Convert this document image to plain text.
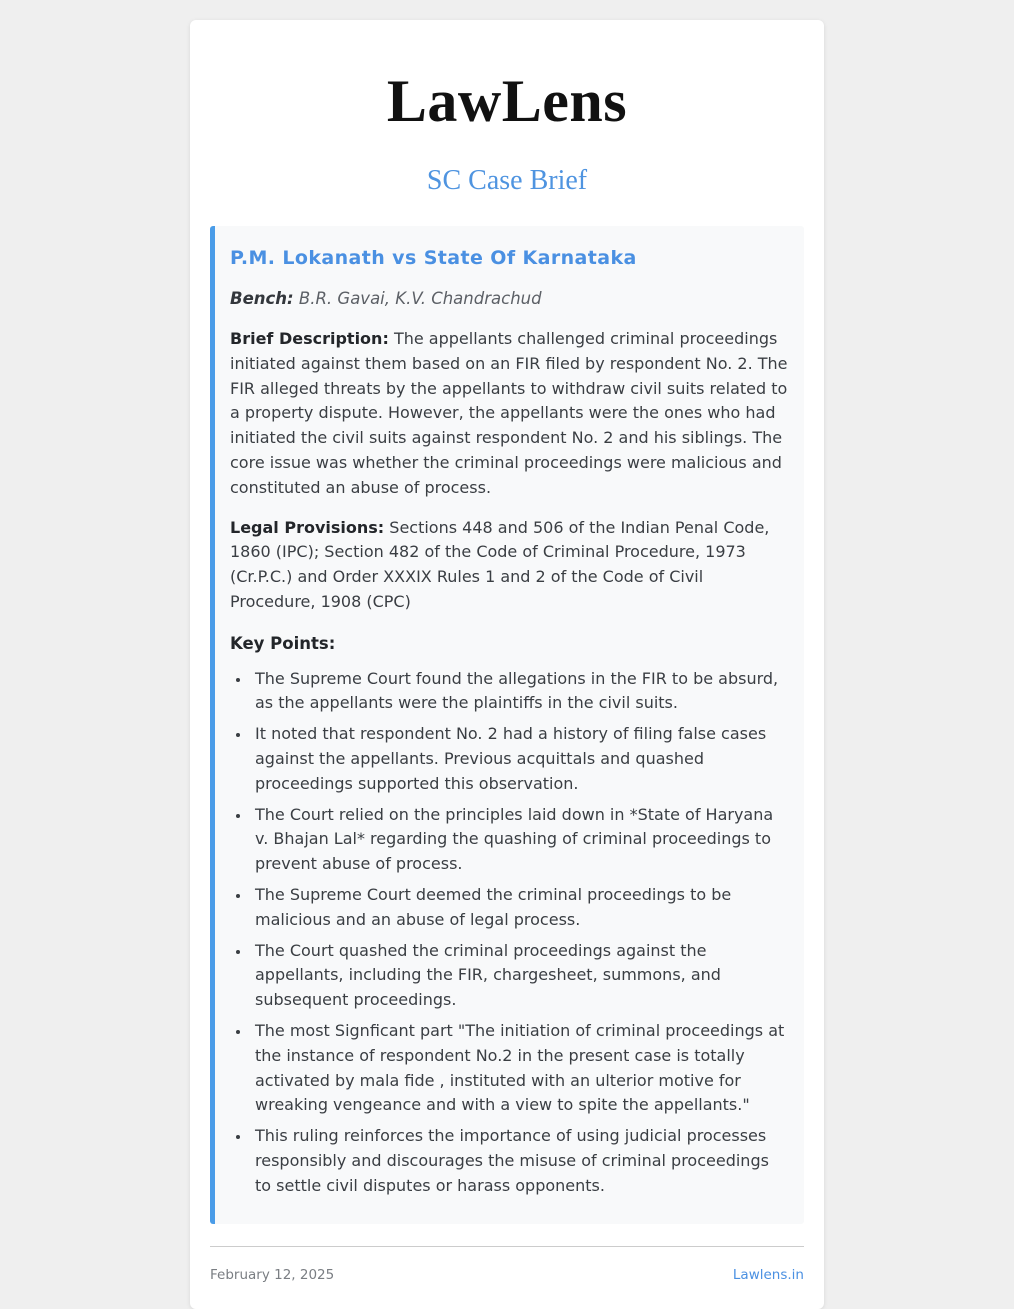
LawLens
SC Case Brief
P.M. Lokanath vs State Of Karnataka

Bench: B.R. Gavai, K.V. Chandrachud

Brief Description: The appellants challenged criminal proceedings initiated against them based on an FIR filed by respondent No. 2. The FIR alleged threats by the appellants to withdraw civil suits related to a property dispute. However, the appellants were the ones who had initiated the civil suits against respondent No. 2 and his siblings. The core issue was whether the criminal proceedings were malicious and constituted an abuse of process.

Legal Provisions: Sections 448 and 506 of the Indian Penal Code, 1860 (IPC); Section 482 of the Code of Criminal Procedure, 1973 (Cr.P.C.) and Order XXXIX Rules 1 and 2 of the Code of Civil Procedure, 1908 (CPC)

Key Points:

• The Supreme Court found the allegations in the FIR to be absurd, as the appellants were the plaintiffs in the civil suits.
• It noted that respondent No. 2 had a history of filing false cases against the appellants. Previous acquittals and quashed proceedings supported this observation.
• The Court relied on the principles laid down in *State of Haryana v. Bhajan Lal* regarding the quashing of criminal proceedings to prevent abuse of process.
• The Supreme Court deemed the criminal proceedings to be malicious and an abuse of legal process.
• The Court quashed the criminal proceedings against the appellants, including the FIR, chargesheet, summons, and subsequent proceedings.
• The most Signficant part "The initiation of criminal proceedings at the instance of respondent No.2 in the present case is totally activated by mala fide , instituted with an ulterior motive for wreaking vengeance and with a view to spite the appellants."
• This ruling reinforces the importance of using judicial processes responsibly and discourages the misuse of criminal proceedings to settle civil disputes or harass opponents.
February 12, 2025	Lawlens.in
